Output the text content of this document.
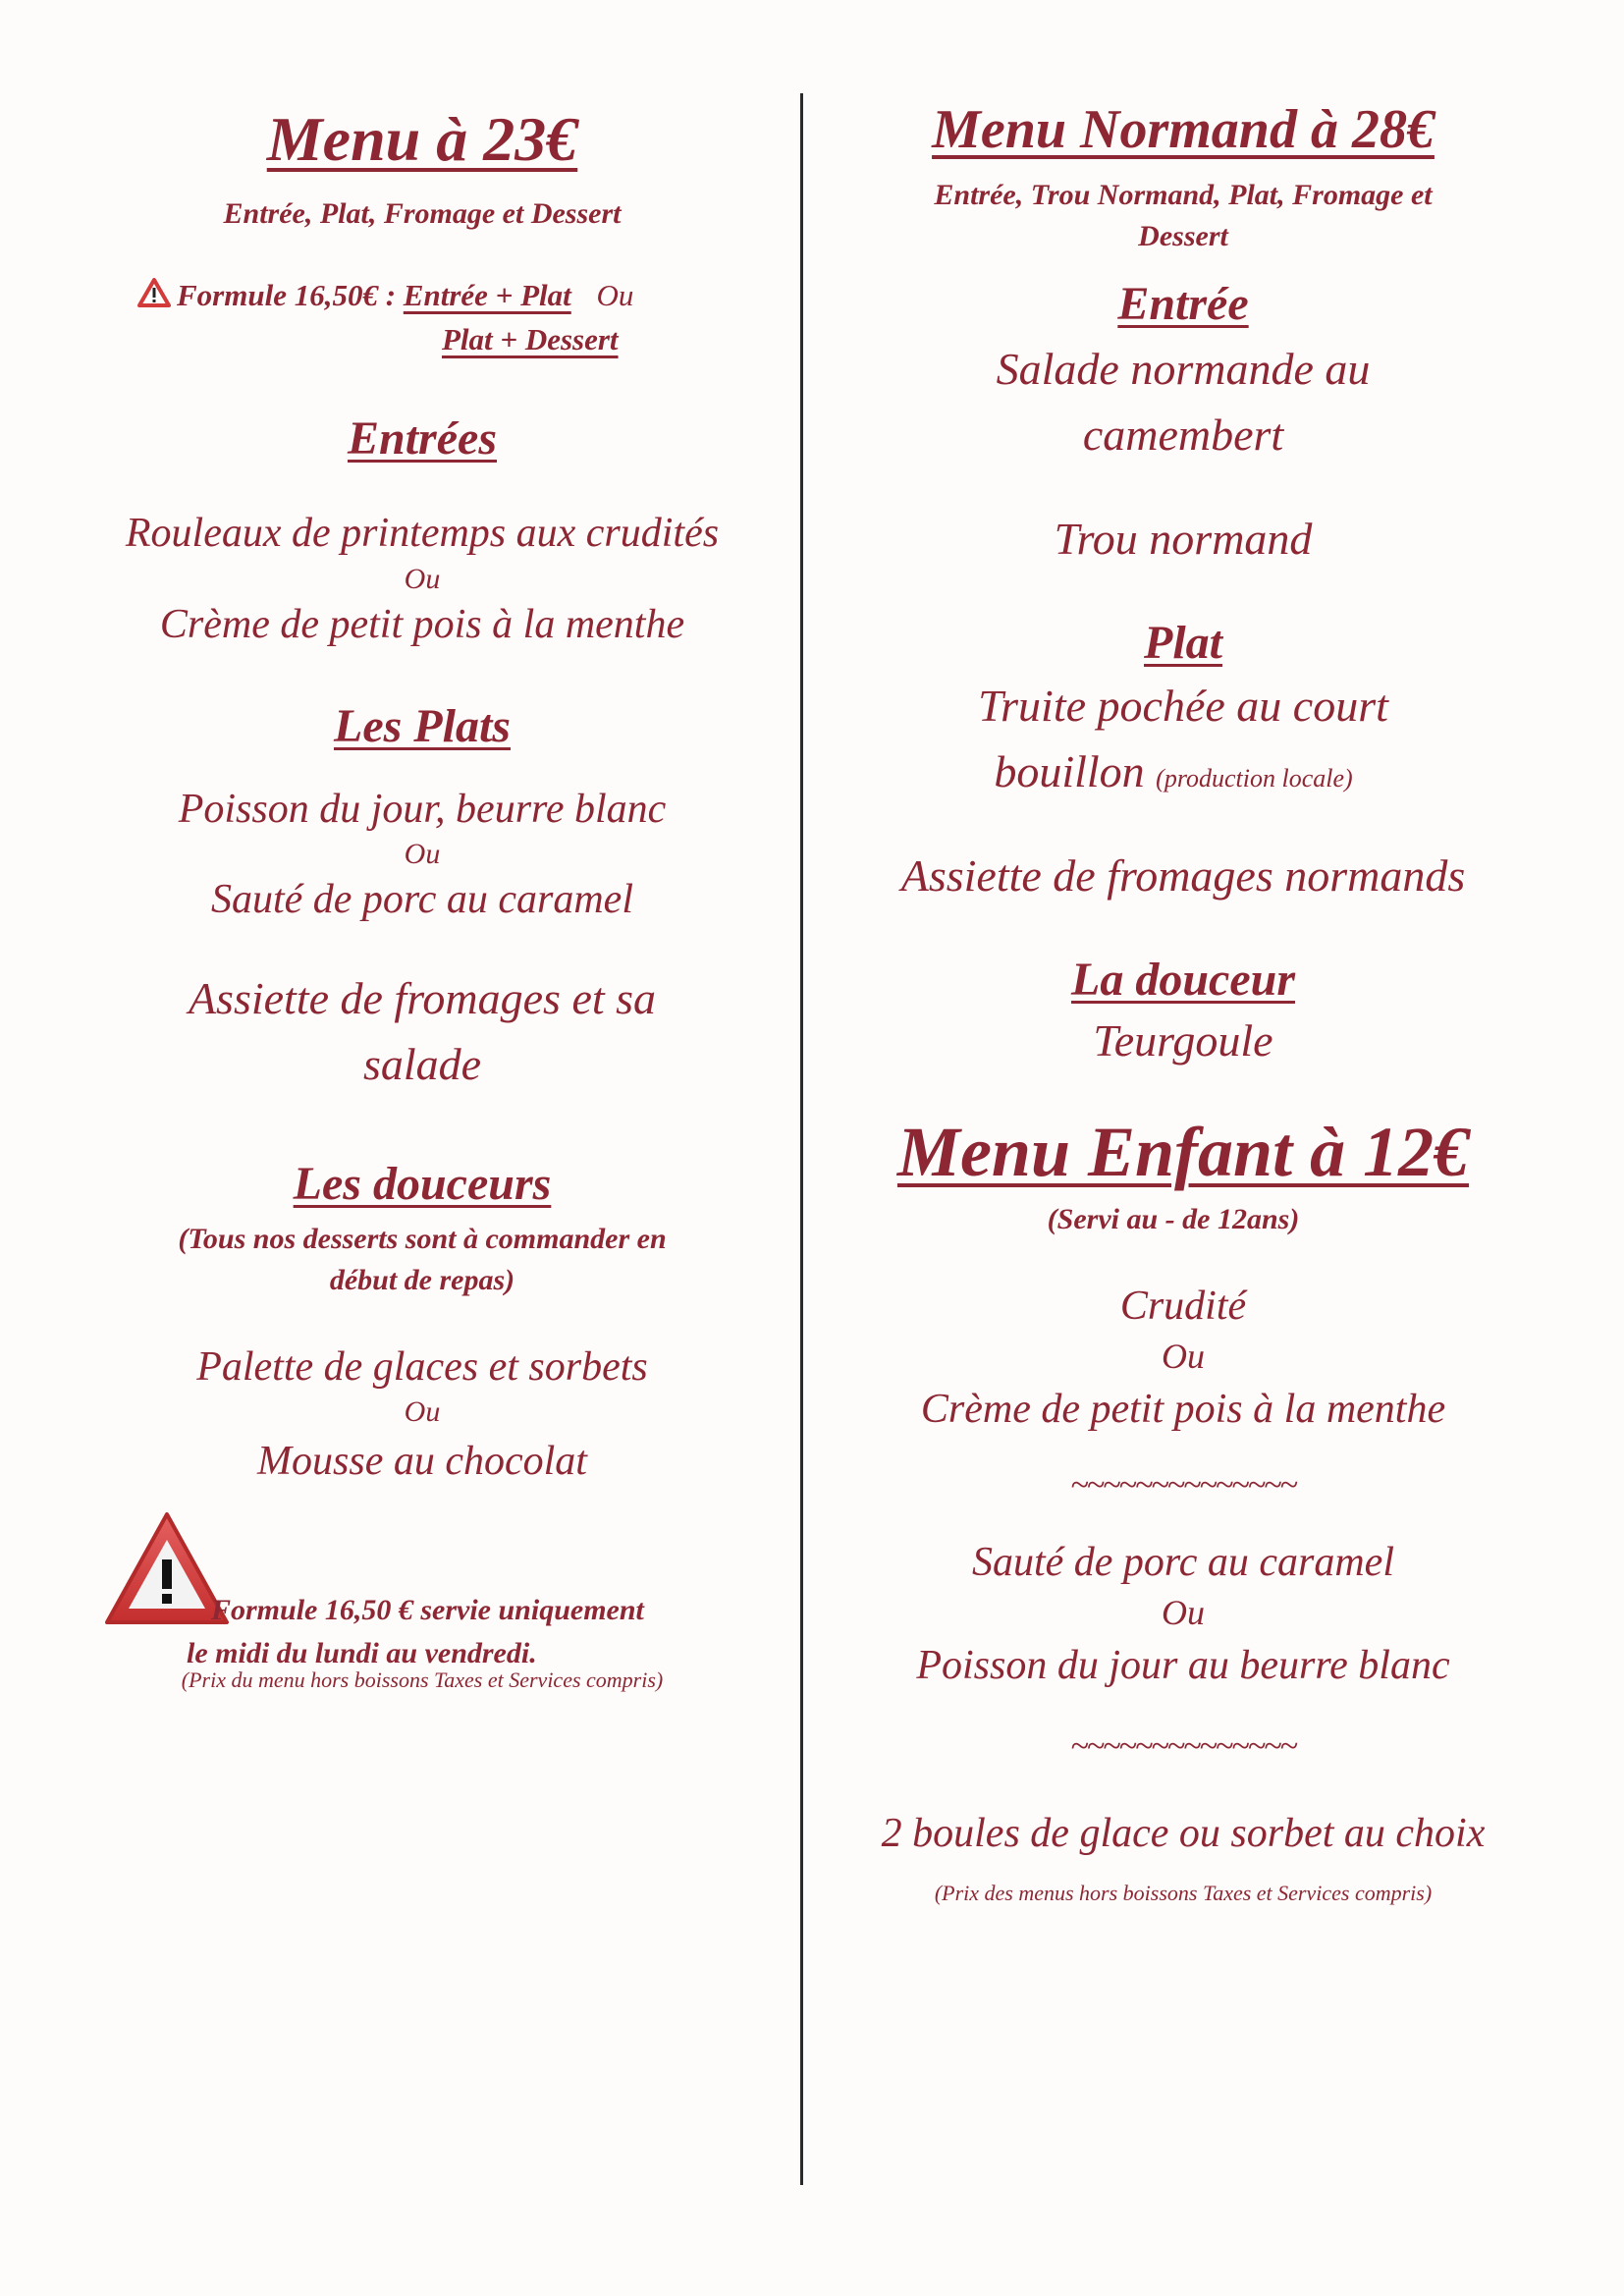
Menu à 23€
Entrée, Plat, Fromage et Dessert
Formule 16,50€ : Entrée + Plat Ou
Plat + Dessert
Entrées
Rouleaux de printemps aux crudités
Ou
Crème de petit pois à la menthe
Les Plats
Poisson du jour, beurre blanc
Ou
Sauté de porc au caramel
Assiette de fromages et sa
salade
Les douceurs
(Tous nos desserts sont à commander en
début de repas)
Palette de glaces et sorbets
Ou
Mousse au chocolat
Formule 16,50 € servie uniquement
le midi du lundi au vendredi.
(Prix du menu hors boissons Taxes et Services compris)
Menu Normand à 28€
Entrée, Trou Normand, Plat, Fromage et
Dessert
Entrée
Salade normande au
camembert
Trou normand
Plat
Truite pochée au court
bouillon (production locale)
Assiette de fromages normands
La douceur
Teurgoule
Menu Enfant à 12€
(Servi au - de 12ans)
Crudité
Ou
Crème de petit pois à la menthe
~~~~~~~~~~~~~~
Sauté de porc au caramel
Ou
Poisson du jour au beurre blanc
~~~~~~~~~~~~~~
2 boules de glace ou sorbet au choix
(Prix des menus hors boissons Taxes et Services compris)
